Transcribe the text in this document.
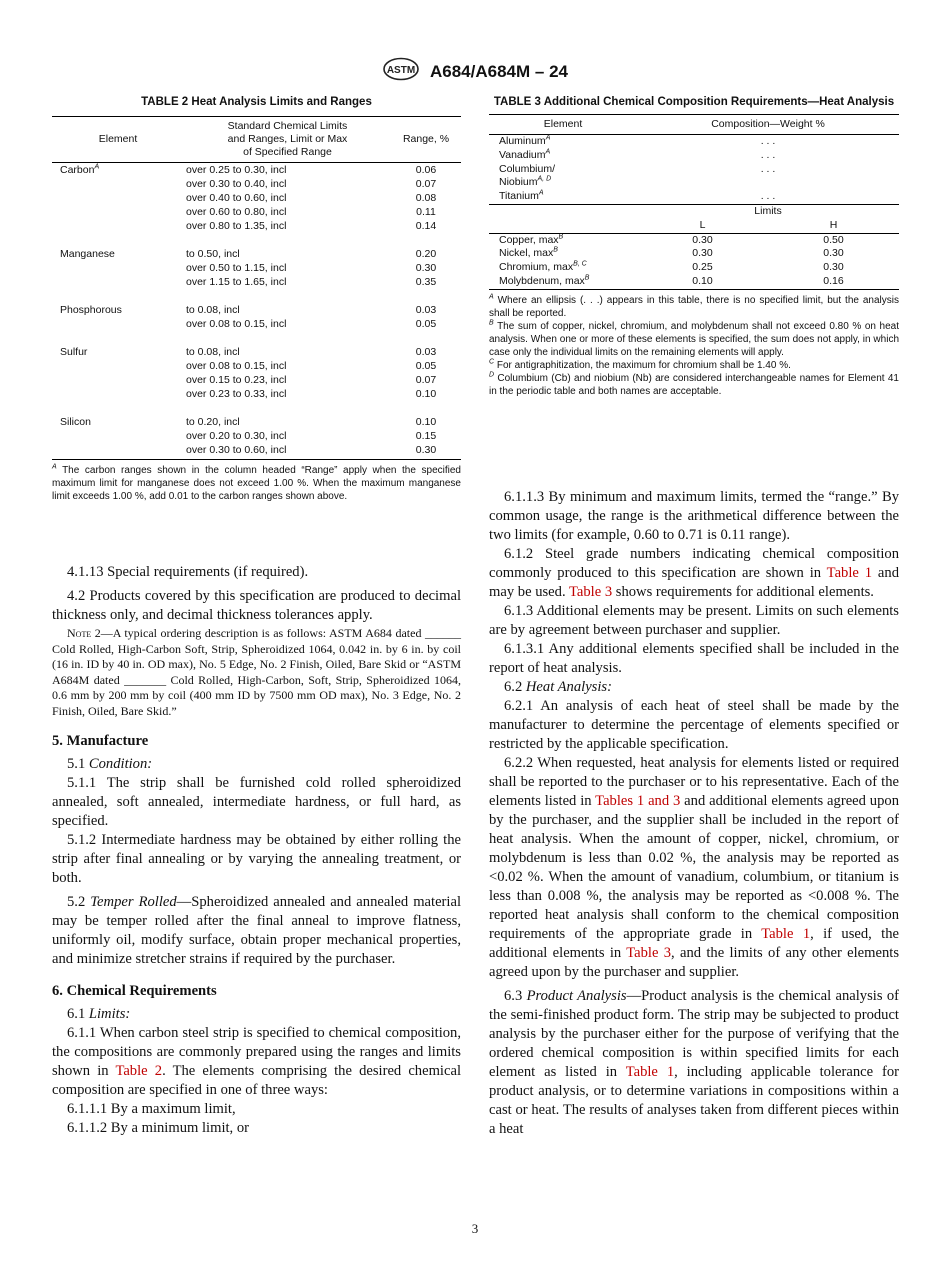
ASTM A684/A684M – 24
TABLE 2 Heat Analysis Limits and Ranges
Element	Standard Chemical Limits
and Ranges, Limit or Max
of Specified Range	Range, %
Carbon$^A$	over 0.25 to 0.30, incl	0.06
	over 0.30 to 0.40, incl	0.07
	over 0.40 to 0.60, incl	0.08
	over 0.60 to 0.80, incl	0.11
	over 0.80 to 1.35, incl	0.14

Manganese	to 0.50, incl	0.20
	over 0.50 to 1.15, incl	0.30
	over 1.15 to 1.65, incl	0.35

Phosphorous	to 0.08, incl	0.03
	over 0.08 to 0.15, incl	0.05

Sulfur	to 0.08, incl	0.03
	over 0.08 to 0.15, incl	0.05
	over 0.15 to 0.23, incl	0.07
	over 0.23 to 0.33, incl	0.10

Silicon	to 0.20, incl	0.10
	over 0.20 to 0.30, incl	0.15
	over 0.30 to 0.60, incl	0.30
$^A$ The carbon ranges shown in the column headed “Range” apply when the specified maximum limit for manganese does not exceed 1.00 %. When the maximum manganese limit exceeds 1.00 %, add 0.01 to the carbon ranges shown above.
TABLE 3 Additional Chemical Composition Requirements—Heat Analysis
Element	Composition—Weight %	
Aluminum$^A$	. . .	
Vanadium$^A$	. . .	
Columbium/	. . .	
Niobium$^{A, D}$	
Titanium$^A$	. . .	
	Limits	
	L	H
Copper, $\max^B$	0.30	0.50
Nickel, $\max^B$	0.30	0.30
Chromium, $\max^{B, C}$	0.25	0.30
Molybdenum, $\max^B$	0.10	0.16
$^A$ Where an ellipsis (. . .) appears in this table, there is no specified limit, but the analysis shall be reported.
$^B$ The sum of copper, nickel, chromium, and molybdenum shall not exceed 0.80 % on heat analysis. When one or more of these elements is specified, the sum does not apply, in which case only the individual limits on the remaining elements will apply.
$^C$ For antigraphitization, the maximum for chromium shall be 1.40 %.
$^D$ Columbium (Cb) and niobium (Nb) are considered interchangeable names for Element 41 in the periodic table and both names are acceptable.

4.1.13 Special requirements (if required).

4.2 Products covered by this specification are produced to decimal thickness only, and decimal thickness tolerances apply.

Note 2—A typical ordering description is as follows: ASTM A684 dated ______ Cold Rolled, High-Carbon Soft, Strip, Spheroidized 1064, 0.042 in. by 6 in. by coil (16 in. ID by 40 in. OD max), No. 5 Edge, No. 2 Finish, Oiled, Bare Skid or “ASTM A684M dated _______ Cold Rolled, High-Carbon, Soft, Strip, Spheroidized 1064, 0.6 mm by 200 mm by coil (400 mm ID by 7500 mm OD max), No. 3 Edge, No. 2 Finish, Oiled, Bare Skid.”

5. Manufacture

5.1 Condition:

5.1.1 The strip shall be furnished cold rolled spheroidized annealed, soft annealed, intermediate hardness, or full hard, as specified.

5.1.2 Intermediate hardness may be obtained by either rolling the strip after final annealing or by varying the annealing treatment, or both.

5.2 Temper Rolled—Spheroidized annealed and annealed material may be temper rolled after the final anneal to improve flatness, uniformly oil, modify surface, obtain proper mechanical properties, and minimize stretcher strains if required by the purchaser.

6. Chemical Requirements

6.1 Limits:

6.1.1 When carbon steel strip is specified to chemical composition, the compositions are commonly prepared using the ranges and limits shown in Table 2. The elements comprising the desired chemical composition are specified in one of three ways:

6.1.1.1 By a maximum limit,

6.1.1.2 By a minimum limit, or

6.1.1.3 By minimum and maximum limits, termed the “range.” By common usage, the range is the arithmetical difference between the two limits (for example, 0.60 to 0.71 is 0.11 range).

6.1.2 Steel grade numbers indicating chemical composition commonly produced to this specification are shown in Table 1 and may be used. Table 3 shows requirements for additional elements.

6.1.3 Additional elements may be present. Limits on such elements are by agreement between purchaser and supplier.

6.1.3.1 Any additional elements specified shall be included in the report of heat analysis.

6.2 Heat Analysis:

6.2.1 An analysis of each heat of steel shall be made by the manufacturer to determine the percentage of elements specified or restricted by the applicable specification.

6.2.2 When requested, heat analysis for elements listed or required shall be reported to the purchaser or to his representative. Each of the elements listed in Tables 1 and 3 and additional elements agreed upon by the purchaser, and the supplier shall be included in the report of heat analysis. When the amount of copper, nickel, chromium, or molybdenum is less than 0.02 %, the analysis may be reported as <0.02 %. When the amount of vanadium, columbium, or titanium is less than 0.008 %, the analysis may be reported as <0.008 %. The reported heat analysis shall conform to the chemical composition requirements of the appropriate grade in Table 1, if used, the additional elements in Table 3, and the limits of any other elements agreed upon by the purchaser and supplier.

6.3 Product Analysis—Product analysis is the chemical analysis of the semi-finished product form. The strip may be subjected to product analysis by the purchaser either for the purpose of verifying that the ordered chemical composition is within specified limits for each element as listed in Table 1, including applicable tolerance for product analysis, or to determine variations in compositions within a cast or heat. The results of analyses taken from different pieces within a heat

3
